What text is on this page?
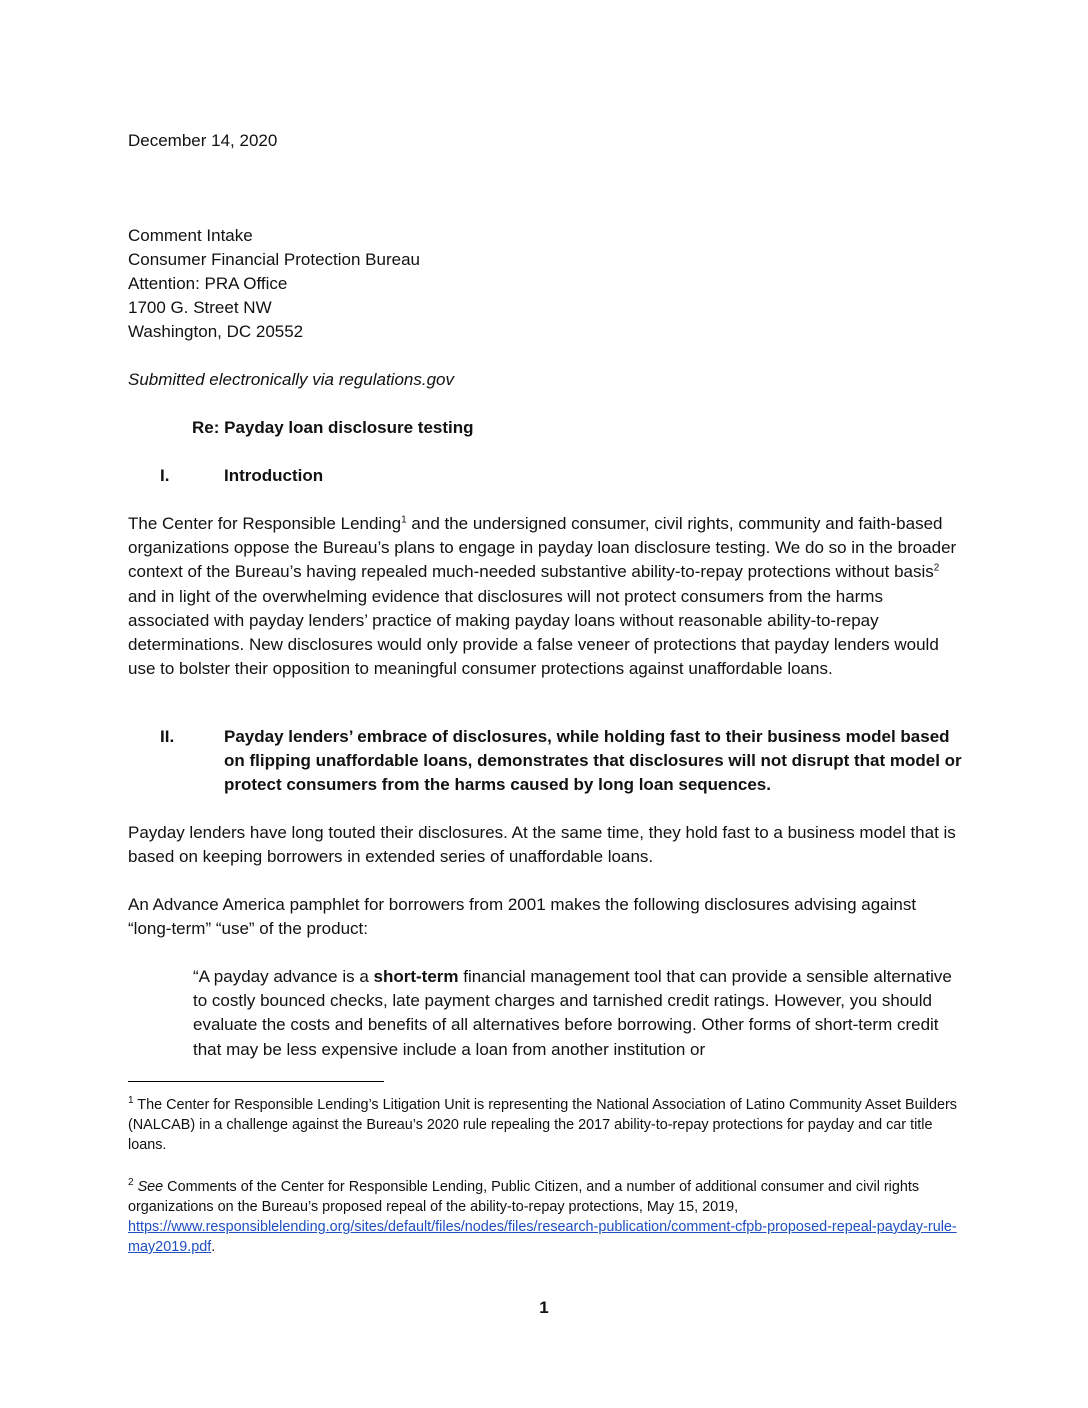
December 14, 2020
Comment Intake
Consumer Financial Protection Bureau
Attention: PRA Office
1700 G. Street NW
Washington, DC 20552
Submitted electronically via regulations.gov
Re: Payday loan disclosure testing
I.	Introduction
The Center for Responsible Lending$^1$ and the undersigned consumer, civil rights, community and faith-based organizations oppose the Bureau’s plans to engage in payday loan disclosure testing. We do so in the broader context of the Bureau’s having repealed much-needed substantive ability-to-repay protections without basis$^2$ and in light of the overwhelming evidence that disclosures will not protect consumers from the harms associated with payday lenders’ practice of making payday loans without reasonable ability-to-repay determinations. New disclosures would only provide a false veneer of protections that payday lenders would use to bolster their opposition to meaningful consumer protections against unaffordable loans.
II.	Payday lenders’ embrace of disclosures, while holding fast to their business model based on flipping unaffordable loans, demonstrates that disclosures will not disrupt that model or protect consumers from the harms caused by long loan sequences.
Payday lenders have long touted their disclosures. At the same time, they hold fast to a business model that is based on keeping borrowers in extended series of unaffordable loans.
An Advance America pamphlet for borrowers from 2001 makes the following disclosures advising against “long-term” “use” of the product:
“A payday advance is a short-term financial management tool that can provide a sensible alternative to costly bounced checks, late payment charges and tarnished credit ratings. However, you should evaluate the costs and benefits of all alternatives before borrowing. Other forms of short-term credit that may be less expensive include a loan from another institution or
$^1$ The Center for Responsible Lending’s Litigation Unit is representing the National Association of Latino Community Asset Builders (NALCAB) in a challenge against the Bureau’s 2020 rule repealing the 2017 ability-to-repay protections for payday and car title loans.
$^2$ See Comments of the Center for Responsible Lending, Public Citizen, and a number of additional consumer and civil rights organizations on the Bureau’s proposed repeal of the ability-to-repay protections, May 15, 2019, https://www.responsiblelending.org/sites/default/files/nodes/files/research-publication/comment-cfpb-proposed-repeal-payday-rule-may2019.pdf.
1
